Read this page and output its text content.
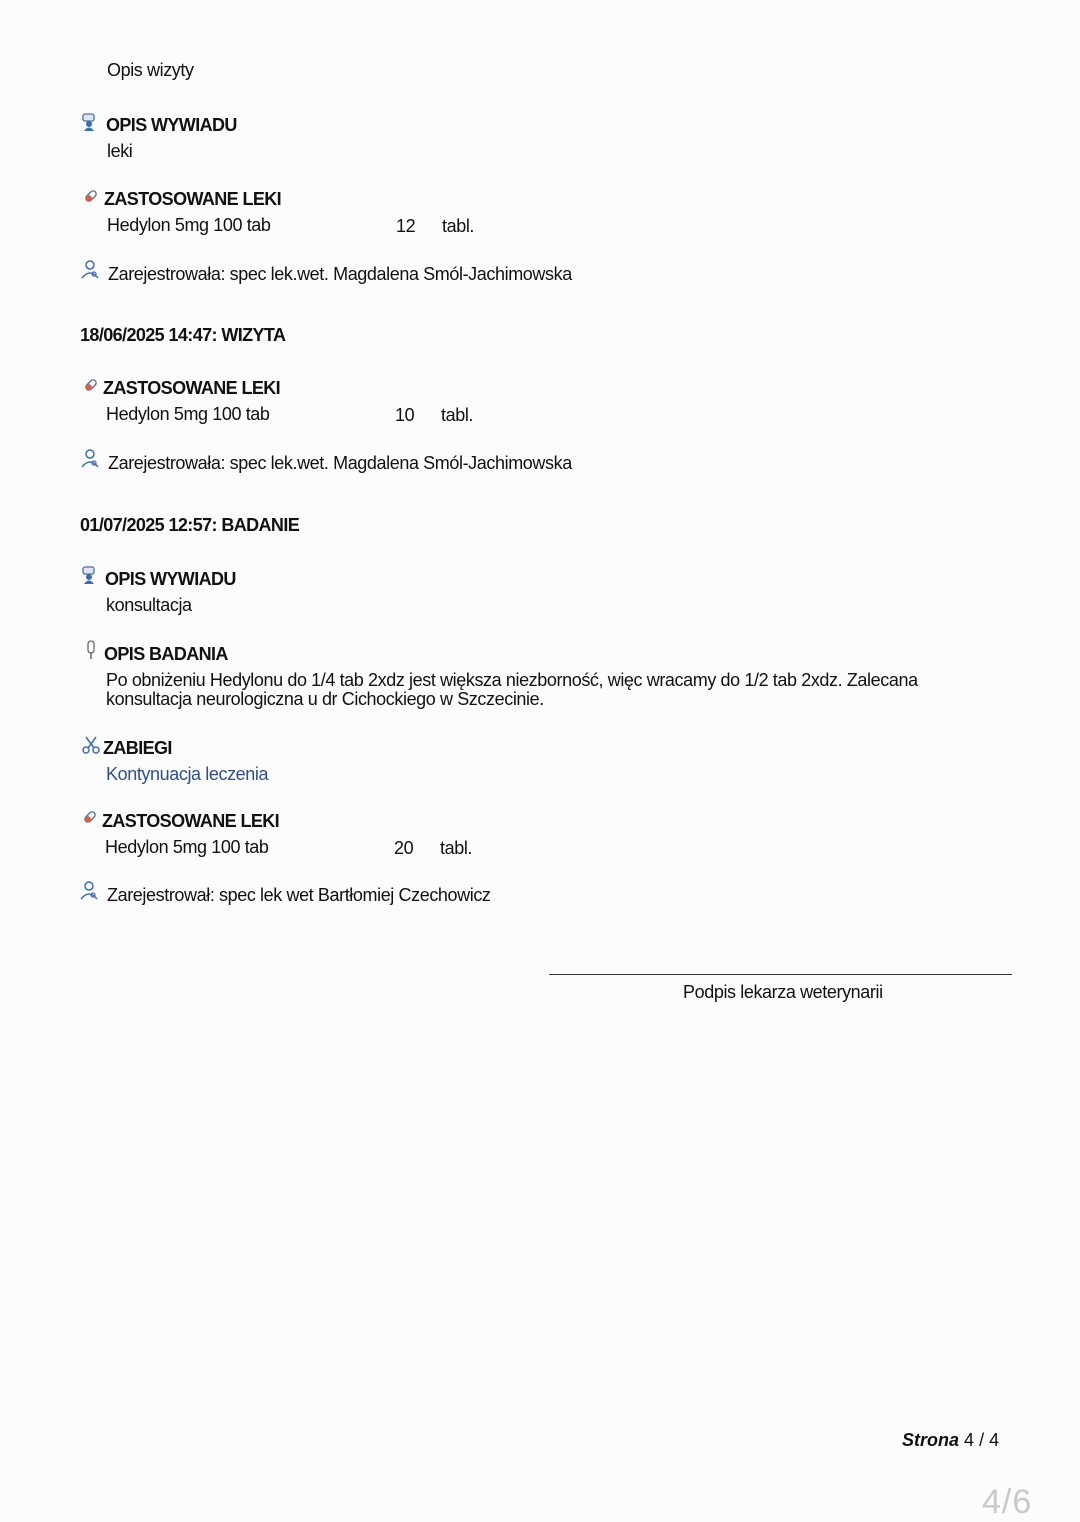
Opis wizyty
OPIS WYWIADU
leki
ZASTOSOWANE LEKI
Hedylon 5mg 100 tab	12 tabl.
Zarejestrowała: spec lek.wet. Magdalena Smól-Jachimowska
18/06/2025 14:47: WIZYTA
ZASTOSOWANE LEKI
Hedylon 5mg 100 tab	10 tabl.
Zarejestrowała: spec lek.wet. Magdalena Smól-Jachimowska
01/07/2025 12:57: BADANIE
OPIS WYWIADU
konsultacja
OPIS BADANIA
Po obniżeniu Hedylonu do 1/4 tab 2xdz jest większa niezborność, więc wracamy do 1/2 tab 2xdz. Zalecana konsultacja neurologiczna u dr Cichockiego w Szczecinie.
ZABIEGI
Kontynuacja leczenia
ZASTOSOWANE LEKI
Hedylon 5mg 100 tab	20 tabl.
Zarejestrował: spec lek wet Bartłomiej Czechowicz
Podpis lekarza weterynarii
Strona 4 / 4
4/6
